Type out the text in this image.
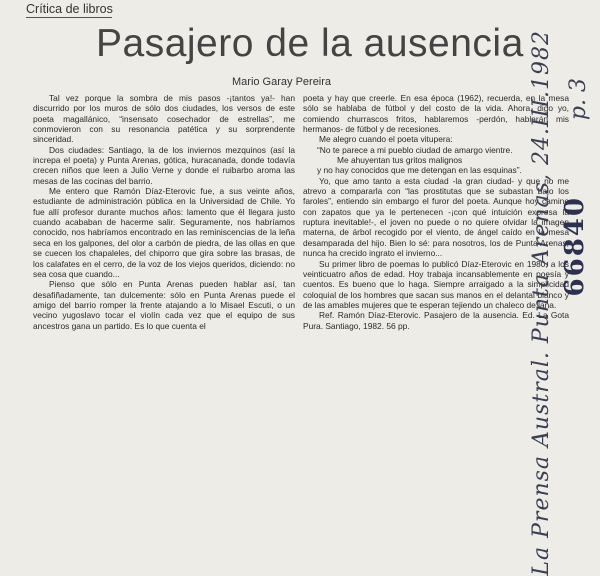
Crítica de libros
Pasajero de la ausencia
Mario Garay Pereira

Tal vez porque la sombra de mis pasos -¡tantos ya!- han discurrido por los muros de sólo dos ciudades, los versos de este poeta magallánico, “insensato cosechador de estrellas”, me conmovieron con su resonancia patética y su sorprendente sinceridad.

Dos ciudades: Santiago, la de los inviernos mezquinos (así la increpa el poeta) y Punta Arenas, gótica, huracanada, donde todavía crecen niños que leen a Julio Verne y donde el ruibarbo aroma las mesas de las cocinas del barrio.

Me entero que Ramón Díaz-Eterovic fue, a sus veinte años, estudiante de administración pública en la Universidad de Chile. Yo fue allí profesor durante muchos años: lamento que él llegara justo cuando acababan de hacerme salir. Seguramente, nos habríamos conocido, nos habríamos encontrado en las reminiscencias de la leña seca en los galpones, del olor a carbón de piedra, de las ollas en que se cuecen los chapaleles, del chiporro que gira sobre las brasas, de los calafates en el cerro, de la voz de los viejos queridos, diciendo: no sea cosa que cuando...

Pienso que sólo en Punta Arenas pueden hablar así, tan desafiñadamente, tan dulcemente: sólo en Punta Arenas puede el amigo del barrio romper la frente atajando a lo Misael Escuti, o un vecino yugoslavo tocar el violín cada vez que el equipo de sus ancestros gana un partido. Es lo que cuenta el

poeta y hay que creerle. En esa época (1962), recuerda, en la mesa sólo se hablaba de fútbol y del costo de la vida. Ahora, digo yo, comiendo churrascos fritos, hablaremos -perdón, hablarán mis hermanos- de fútbol y de recesiones.

Me alegro cuando el poeta vitupera:

“No te parece a mi pueblo ciudad de amargo vientre.

Me ahuyentan tus gritos malignos

y no hay conocidos que me detengan en las esquinas”.

Yo, que amo tanto a esta ciudad -la gran ciudad- y que no me atrevo a compararla con “las prostitutas que se subastan bajo los faroles”, entiendo sin embargo el furor del poeta. Aunque hoy camine con zapatos que ya le pertenecen -¡con qué intuición expresa la ruptura inevitable!-, el joven no puede o no quiere olvidar la imagen materna, de árbol recogido por el viento, de ángel caído en la mesa desamparada del hijo. Bien lo sé: para nosotros, los de Punta Arenas, nunca ha crecido ingrato el invierno...

Su primer libro de poemas lo publicó Díaz-Eterovic en 1980, a los veinticuatro años de edad. Hoy trabaja incansablemente en poesía y cuentos. Es bueno que lo haga. Siempre arraigado a la simplicidad coloquial de los hombres que sacan sus manos en el delantal blanco y de las amables mujeres que te esperan tejiendo un chaleco de lana.

Ref. Ramón Díaz-Eterovic. Pasajero de la ausencia. Ed. La Gota Pura. Santiago, 1982. 56 pp.	La Prensa Austral. Punta Arenas, 24.III.1982 p. 3
66840
